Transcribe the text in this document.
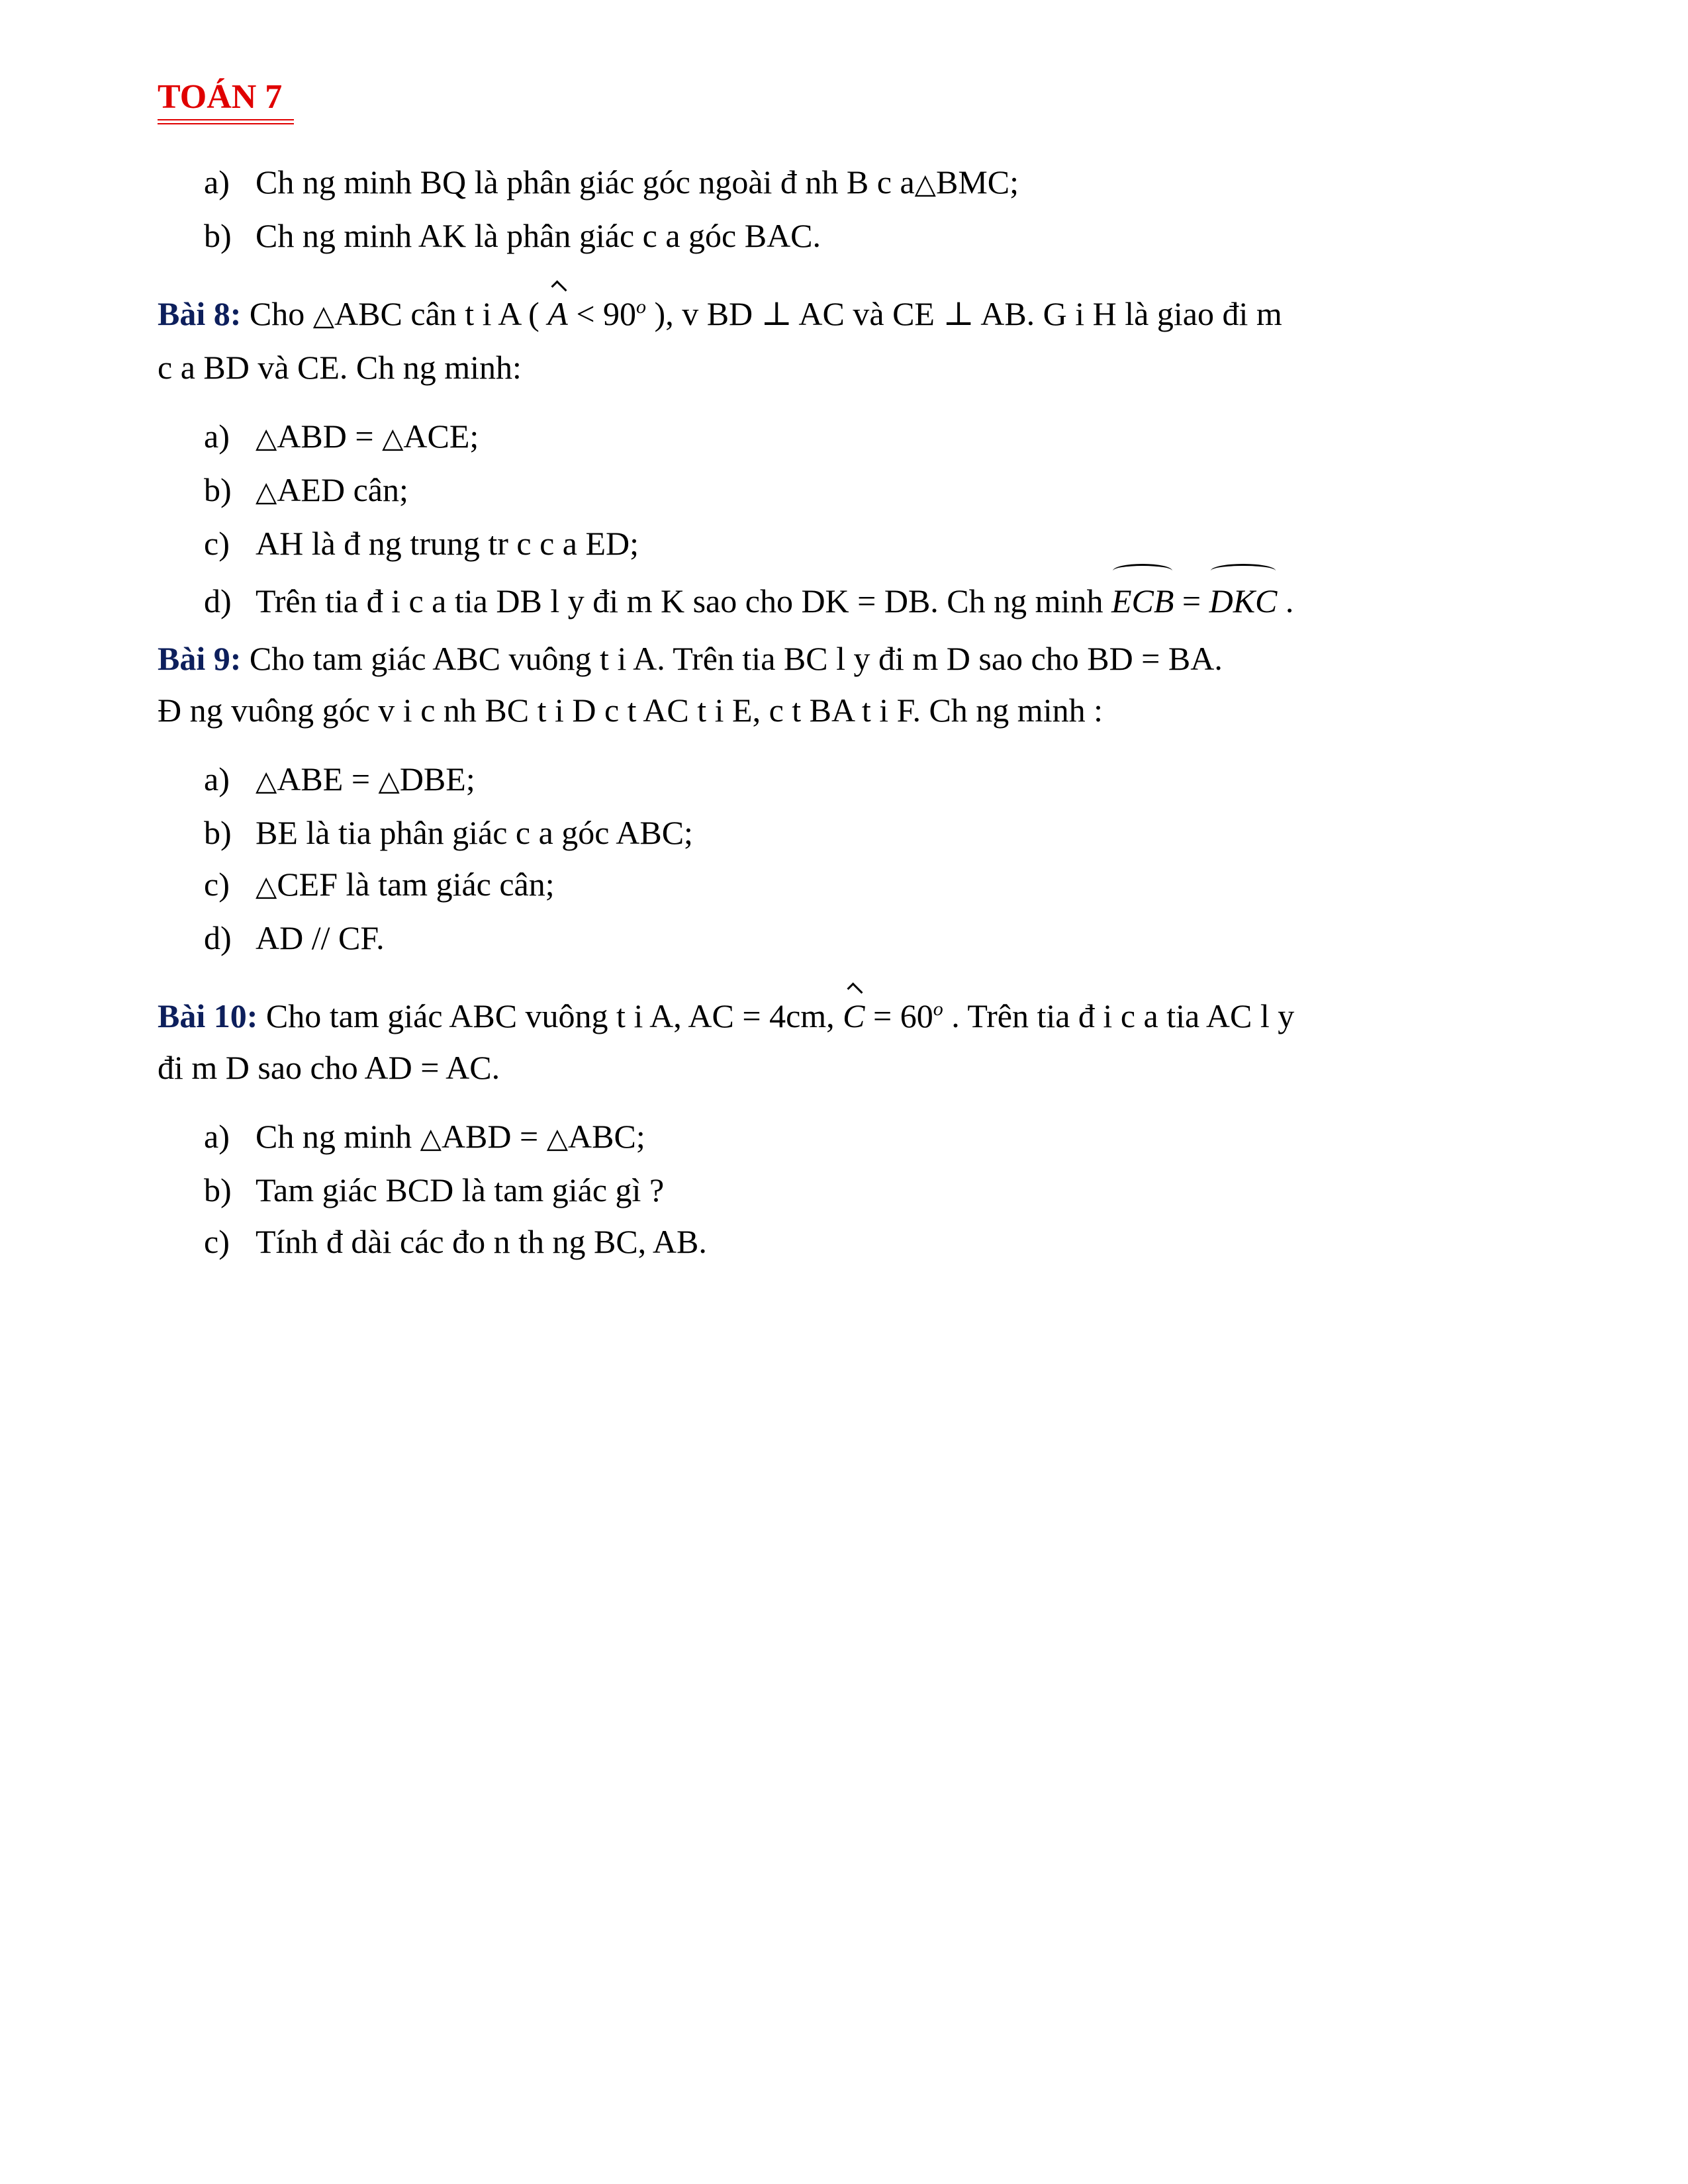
TOÁN 7
a) Ch ng minh BQ là phân giác góc ngoài đ nh B c a△BMC;
b) Ch ng minh AK là phân giác c a góc BAC.
Bài 8: Cho △ABC cân t i A ( $A < 90^o$ ), v BD ⊥ AC và CE ⊥ AB. G i H là giao đi m
c a BD và CE. Ch ng minh:
a) △ABD = △ACE;
b) △AED cân;
c) AH là đ ng trung tr c c a ED;
d) Trên tia đ i c a tia DB l y đi m K sao cho DK = DB. Ch ng minh ECB = DKC .
Bài 9: Cho tam giác ABC vuông t i A. Trên tia BC l y đi m D sao cho BD = BA.
Đ ng vuông góc v i c nh BC t i D c t AC t i E, c t BA t i F. Ch ng minh :
a) △ABE = △DBE;
b) BE là tia phân giác c a góc ABC;
c) △CEF là tam giác cân;
d) AD // CF.
Bài 10: Cho tam giác ABC vuông t i A, AC = 4cm, $C = 60^o$ . Trên tia đ i c a tia AC l y
đi m D sao cho AD = AC.
a) Ch ng minh △ABD = △ABC;
b) Tam giác BCD là tam giác gì ?
c) Tính đ dài các đo n th ng BC, AB.
